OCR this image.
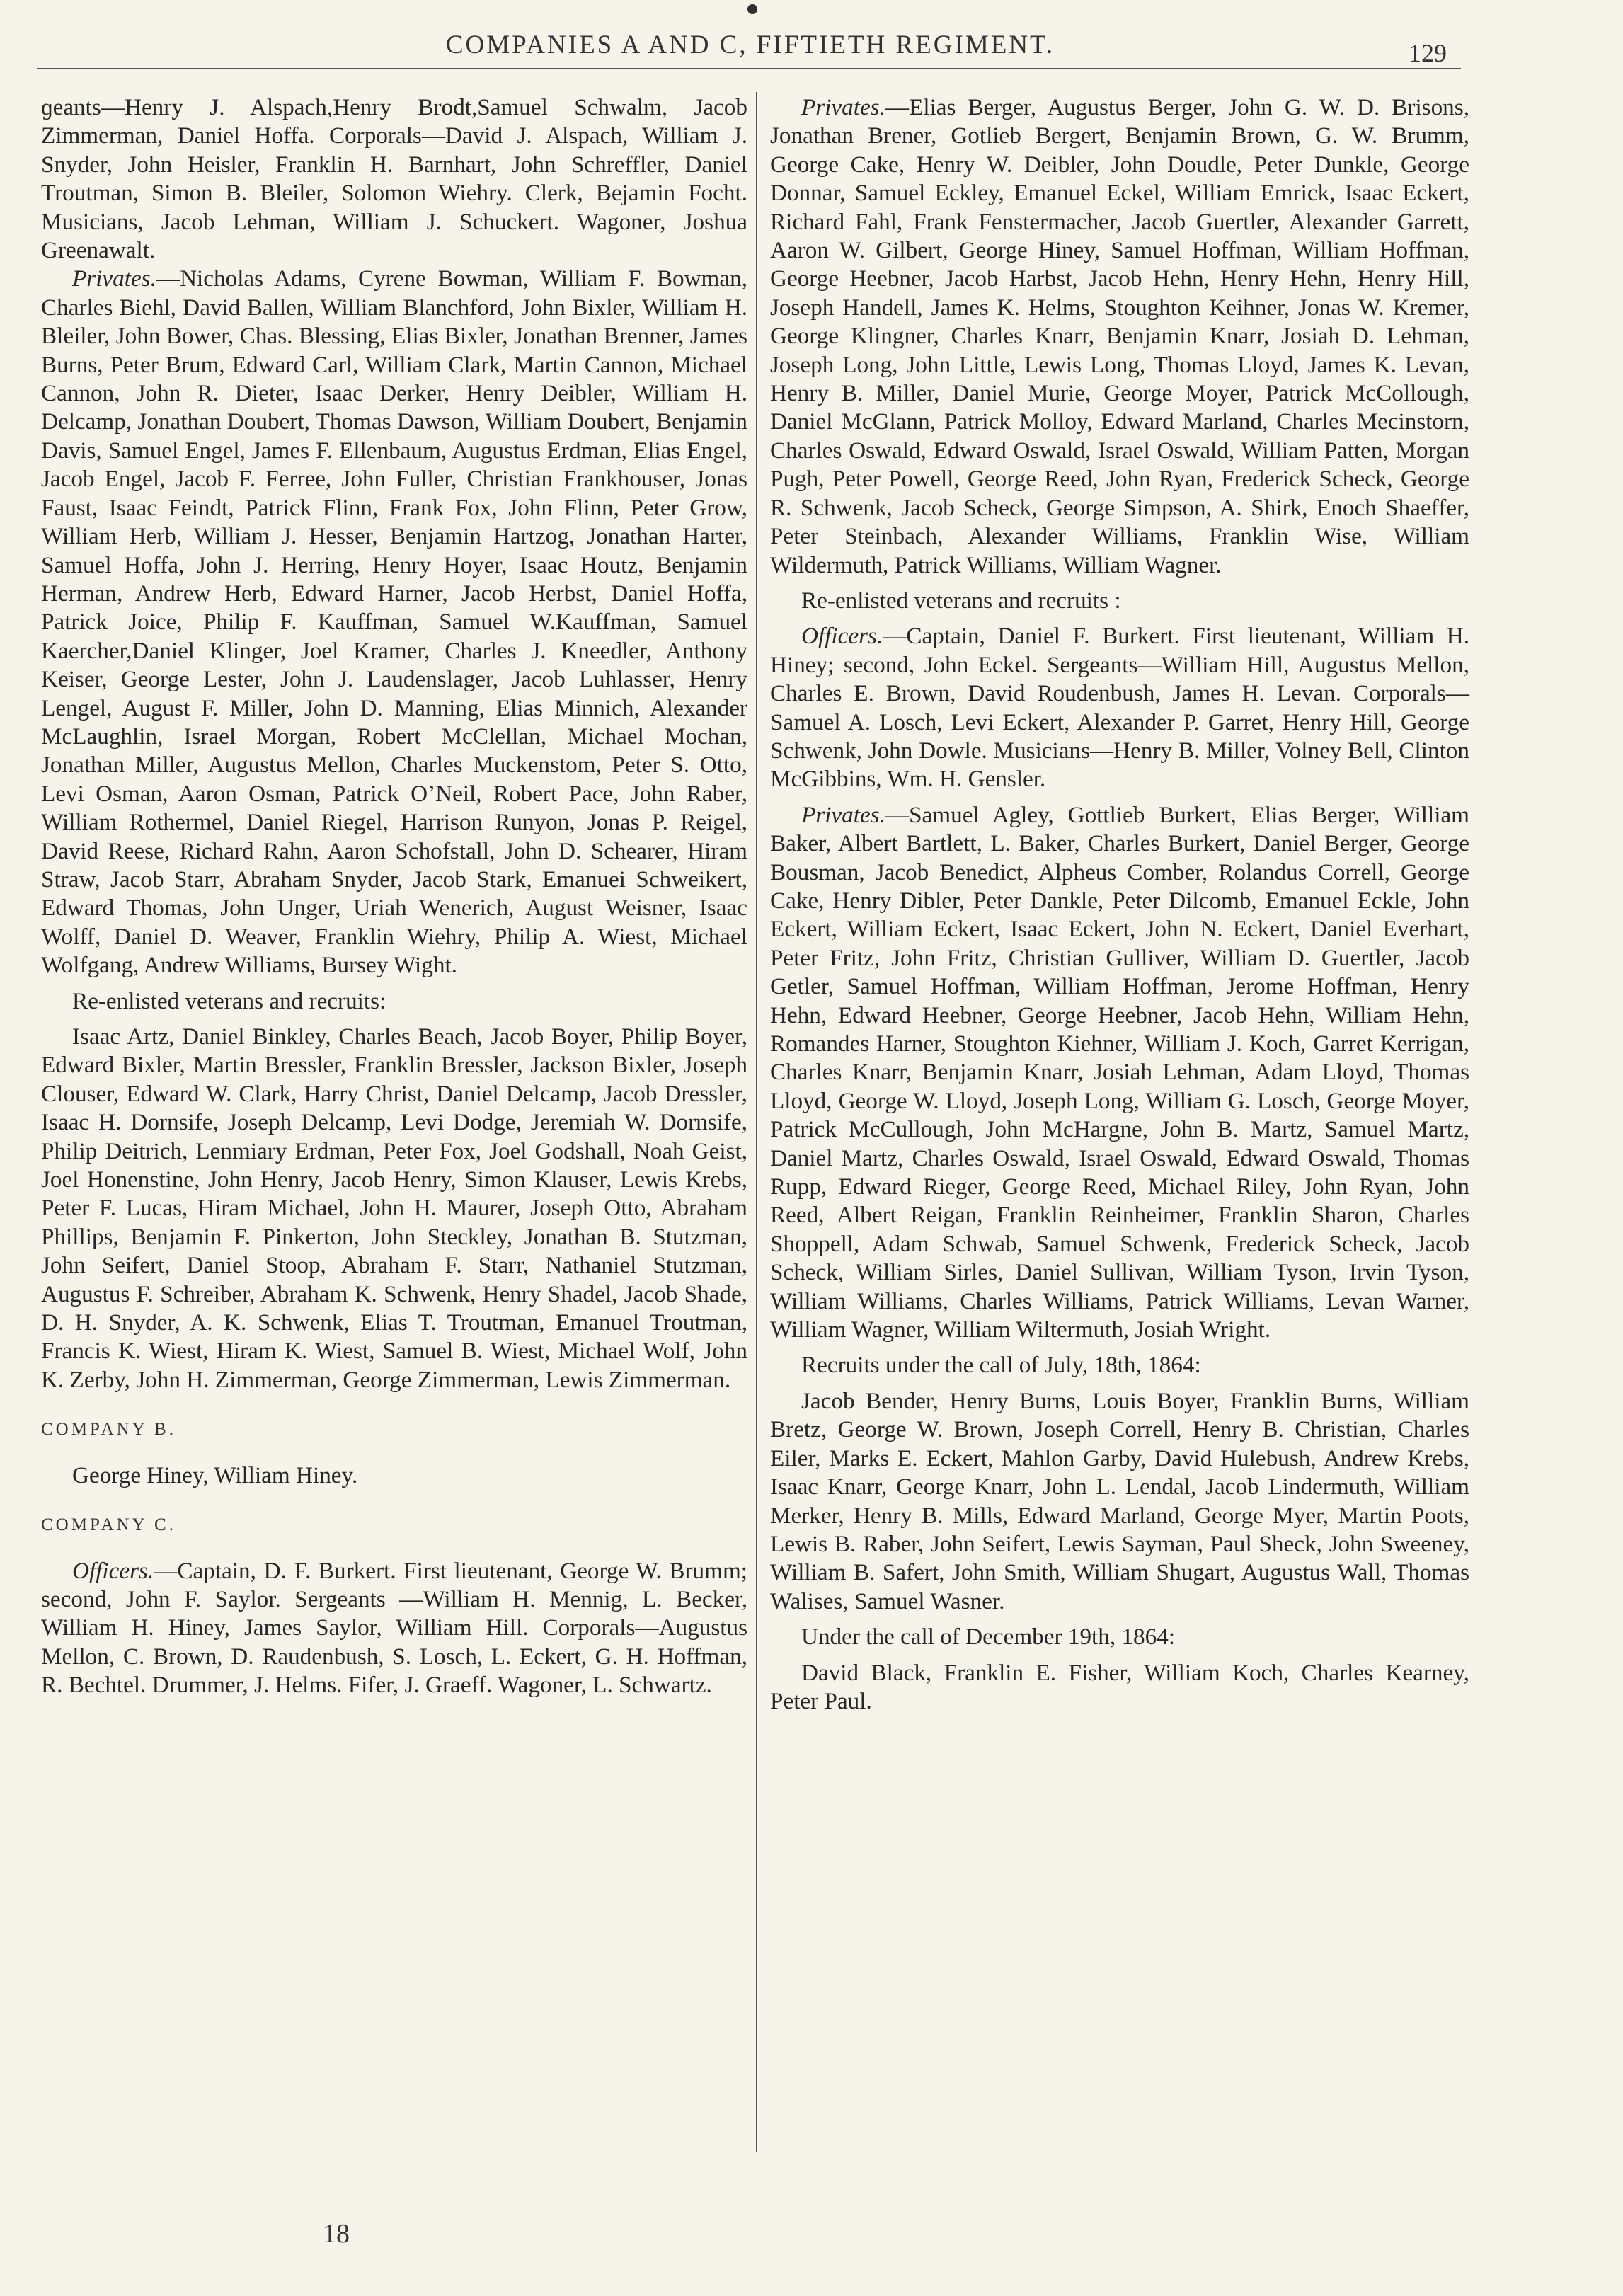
COMPANIES A AND C, FIFTIETH REGIMENT.	129

ɡeants—Henry J. Alspach,Henry Brodt,Samuel Schwalm, Jacob Zimmerman, Daniel Hoffa. Corporals—David J. Alspach, William J. Snyder, John Heisler, Franklin H. Barnhart, John Schreffler, Daniel Troutman, Simon B. Bleiler, Solomon Wiehry. Clerk, Bejamin Focht. Musicians, Jacob Lehman, William J. Schuckert. Wagoner, Joshua Greenawalt.

Privates.—Nicholas Adams, Cyrene Bowman, William F. Bowman, Charles Biehl, David Ballen, William Blanchford, John Bixler, William H. Bleiler, John Bower, Chas. Blessing, Elias Bixler, Jonathan Brenner, James Burns, Peter Brum, Edward Carl, William Clark, Martin Cannon, Michael Cannon, John R. Dieter, Isaac Derker, Henry Deibler, William H. Delcamp, Jonathan Doubert, Thomas Dawson, William Doubert, Benjamin Davis, Samuel Engel, James F. Ellenbaum, Augustus Erdman, Elias Engel, Jacob Engel, Jacob F. Ferree, John Fuller, Christian Frankhouser, Jonas Faust, Isaac Feindt, Patrick Flinn, Frank Fox, John Flinn, Peter Grow, William Herb, William J. Hesser, Benjamin Hartzog, Jonathan Harter, Samuel Hoffa, John J. Herring, Henry Hoyer, Isaac Houtz, Benjamin Herman, Andrew Herb, Edward Harner, Jacob Herbst, Daniel Hoffa, Patrick Joice, Philip F. Kauffman, Samuel W.Kauffman, Samuel Kaercher,Daniel Klinger, Joel Kramer, Charles J. Kneedler, Anthony Keiser, George Lester, John J. Laudenslager, Jacob Luhlasser, Henry Lengel, August F. Miller, John D. Manning, Elias Minnich, Alexander McLaughlin, Israel Morgan, Robert McClellan, Michael Mochan, Jonathan Miller, Augustus Mellon, Charles Muckenstom, Peter S. Otto, Levi Osman, Aaron Osman, Patrick O’Neil, Robert Pace, John Raber, William Rothermel, Daniel Riegel, Harrison Runyon, Jonas P. Reigel, David Reese, Richard Rahn, Aaron Schofstall, John D. Schearer, Hiram Straw, Jacob Starr, Abraham Snyder, Jacob Stark, Emanuei Schweikert, Edward Thomas, John Unger, Uriah Wenerich, August Weisner, Isaac Wolff, Daniel D. Weaver, Franklin Wiehry, Philip A. Wiest, Michael Wolfgang, Andrew Williams, Bursey Wight.

Re-enlisted veterans and recruits:

Isaac Artz, Daniel Binkley, Charles Beach, Jacob Boyer, Philip Boyer, Edward Bixler, Martin Bressler, Franklin Bressler, Jackson Bixler, Joseph Clouser, Edward W. Clark, Harry Christ, Daniel Delcamp, Jacob Dressler, Isaac H. Dornsife, Joseph Delcamp, Levi Dodge, Jeremiah W. Dornsife, Philip Deitrich, Lenmiary Erdman, Peter Fox, Joel Godshall, Noah Geist, Joel Honenstine, John Henry, Jacob Henry, Simon Klauser, Lewis Krebs, Peter F. Lucas, Hiram Michael, John H. Maurer, Joseph Otto, Abraham Phillips, Benjamin F. Pinkerton, John Steckley, Jonathan B. Stutzman, John Seifert, Daniel Stoop, Abraham F. Starr, Nathaniel Stutzman, Augustus F. Schreiber, Abraham K. Schwenk, Henry Shadel, Jacob Shade, D. H. Snyder, A. K. Schwenk, Elias T. Troutman, Emanuel Troutman, Francis K. Wiest, Hiram K. Wiest, Samuel B. Wiest, Michael Wolf, John K. Zerby, John H. Zimmerman, George Zimmerman, Lewis Zimmerman.

COMPANY B.

George Hiney, William Hiney.

COMPANY C.

Officers.—Captain, D. F. Burkert. First lieutenant, George W. Brumm; second, John F. Saylor. Sergeants —William H. Mennig, L. Becker, William H. Hiney, James Saylor, William Hill. Corporals—Augustus Mellon, C. Brown, D. Raudenbush, S. Losch, L. Eckert, G. H. Hoffman, R. Bechtel. Drummer, J. Helms. Fifer, J. Graeff. Wagoner, L. Schwartz.

Privates.—Elias Berger, Augustus Berger, John G. W. D. Brisons, Jonathan Brener, Gotlieb Bergert, Benjamin Brown, G. W. Brumm, George Cake, Henry W. Deibler, John Doudle, Peter Dunkle, George Donnar, Samuel Eckley, Emanuel Eckel, William Emrick, Isaac Eckert, Richard Fahl, Frank Fenstermacher, Jacob Guertler, Alexander Garrett, Aaron W. Gilbert, George Hiney, Samuel Hoffman, William Hoffman, George Heebner, Jacob Harbst, Jacob Hehn, Henry Hehn, Henry Hill, Joseph Handell, James K. Helms, Stoughton Keihner, Jonas W. Kremer, George Klingner, Charles Knarr, Benjamin Knarr, Josiah D. Lehman, Joseph Long, John Little, Lewis Long, Thomas Lloyd, James K. Levan, Henry B. Miller, Daniel Murie, George Moyer, Patrick McCollough, Daniel McGlann, Patrick Molloy, Edward Marland, Charles Mecinstorn, Charles Oswald, Edward Oswald, Israel Oswald, William Patten, Morgan Pugh, Peter Powell, George Reed, John Ryan, Frederick Scheck, George R. Schwenk, Jacob Scheck, George Simpson, A. Shirk, Enoch Shaeffer, Peter Steinbach, Alexander Williams, Franklin Wise, William Wildermuth, Patrick Williams, William Wagner.

Re-enlisted veterans and recruits :

Officers.—Captain, Daniel F. Burkert. First lieutenant, William H. Hiney; second, John Eckel. Sergeants—William Hill, Augustus Mellon, Charles E. Brown, David Roudenbush, James H. Levan. Corporals—Samuel A. Losch, Levi Eckert, Alexander P. Garret, Henry Hill, George Schwenk, John Dowle. Musicians—Henry B. Miller, Volney Bell, Clinton McGibbins, Wm. H. Gensler.

Privates.—Samuel Agley, Gottlieb Burkert, Elias Berger, William Baker, Albert Bartlett, L. Baker, Charles Burkert, Daniel Berger, George Bousman, Jacob Benedict, Alpheus Comber, Rolandus Correll, George Cake, Henry Dibler, Peter Dankle, Peter Dilcomb, Emanuel Eckle, John Eckert, William Eckert, Isaac Eckert, John N. Eckert, Daniel Everhart, Peter Fritz, John Fritz, Christian Gulliver, William D. Guertler, Jacob Getler, Samuel Hoffman, William Hoffman, Jerome Hoffman, Henry Hehn, Edward Heebner, George Heebner, Jacob Hehn, William Hehn, Romandes Harner, Stoughton Kiehner, William J. Koch, Garret Kerrigan, Charles Knarr, Benjamin Knarr, Josiah Lehman, Adam Lloyd, Thomas Lloyd, George W. Lloyd, Joseph Long, William G. Losch, George Moyer, Patrick McCullough, John McHargne, John B. Martz, Samuel Martz, Daniel Martz, Charles Oswald, Israel Oswald, Edward Oswald, Thomas Rupp, Edward Rieger, George Reed, Michael Riley, John Ryan, John Reed, Albert Reigan, Franklin Reinheimer, Franklin Sharon, Charles Shoppell, Adam Schwab, Samuel Schwenk, Frederick Scheck, Jacob Scheck, William Sirles, Daniel Sullivan, William Tyson, Irvin Tyson, William Williams, Charles Williams, Patrick Williams, Levan Warner, William Wagner, William Wiltermuth, Josiah Wright.

Recruits under the call of July, 18th, 1864:

Jacob Bender, Henry Burns, Louis Boyer, Franklin Burns, William Bretz, George W. Brown, Joseph Correll, Henry B. Christian, Charles Eiler, Marks E. Eckert, Mahlon Garby, David Hulebush, Andrew Krebs, Isaac Knarr, George Knarr, John L. Lendal, Jacob Lindermuth, William Merker, Henry B. Mills, Edward Marland, George Myer, Martin Poots, Lewis B. Raber, John Seifert, Lewis Sayman, Paul Sheck, John Sweeney, William B. Safert, John Smith, William Shugart, Augustus Wall, Thomas Walises, Samuel Wasner.

Under the call of December 19th, 1864:

David Black, Franklin E. Fisher, William Koch, Charles Kearney, Peter Paul.

18
